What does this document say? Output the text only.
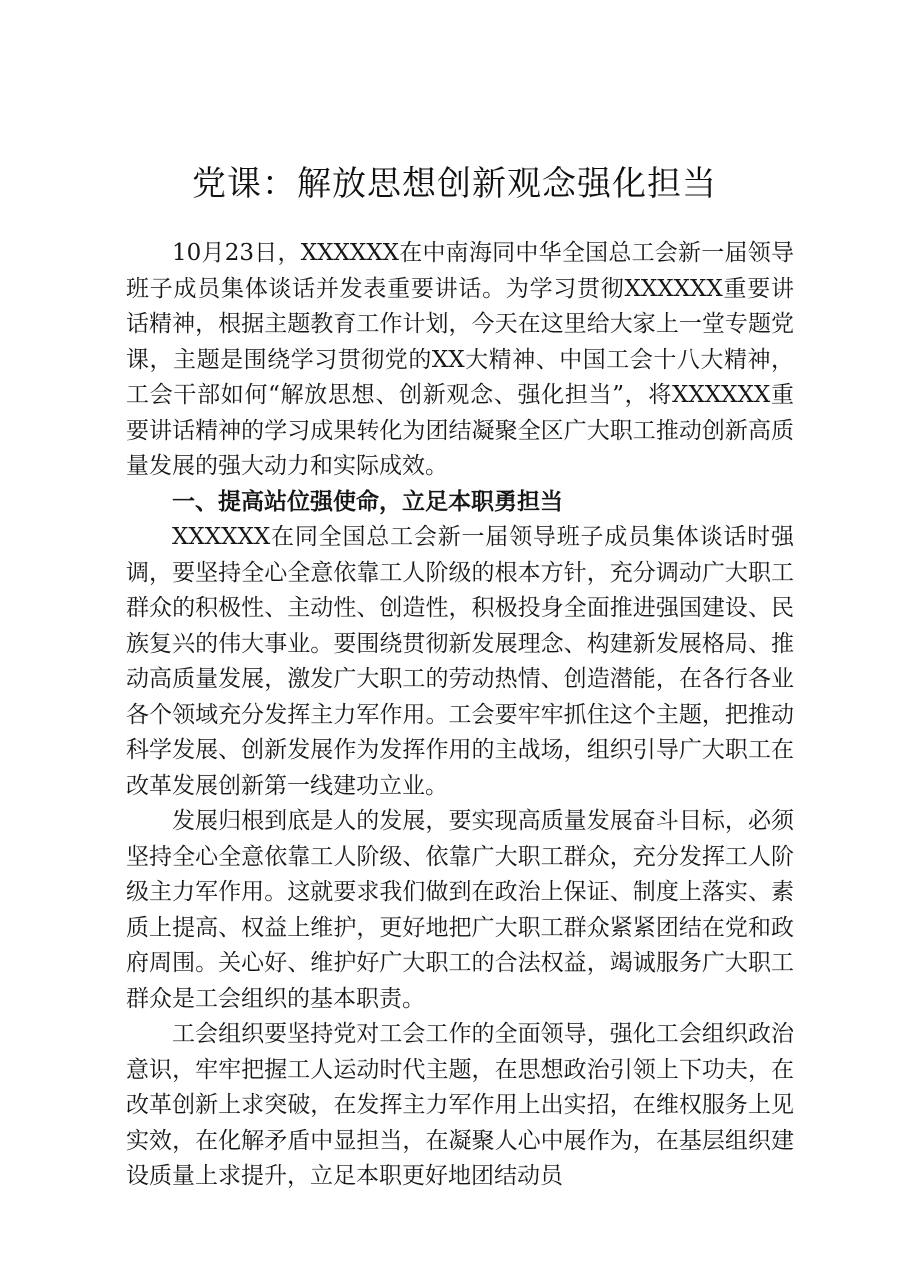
党课：解放思想创新观念强化担当

10月23日，XXXXXX在中南海同中华全国总工会新一届领导班子成员集体谈话并发表重要讲话。为学习贯彻XXXXXX重要讲话精神，根据主题教育工作计划，今天在这里给大家上一堂专题党课，主题是围绕学习贯彻党的XX大精神、中国工会十八大精神，工会干部如何“解放思想、创新观念、强化担当”，将XXXXXX重要讲话精神的学习成果转化为团结凝聚全区广大职工推动创新高质量发展的强大动力和实际成效。

一、提高站位强使命，立足本职勇担当

XXXXXX在同全国总工会新一届领导班子成员集体谈话时强调，要坚持全心全意依靠工人阶级的根本方针，充分调动广大职工群众的积极性、主动性、创造性，积极投身全面推进强国建设、民族复兴的伟大事业。要围绕贯彻新发展理念、构建新发展格局、推动高质量发展，激发广大职工的劳动热情、创造潜能，在各行各业各个领域充分发挥主力军作用。工会要牢牢抓住这个主题，把推动科学发展、创新发展作为发挥作用的主战场，组织引导广大职工在改革发展创新第一线建功立业。

发展归根到底是人的发展，要实现高质量发展奋斗目标，必须坚持全心全意依靠工人阶级、依靠广大职工群众，充分发挥工人阶级主力军作用。这就要求我们做到在政治上保证、制度上落实、素质上提高、权益上维护，更好地把广大职工群众紧紧团结在党和政府周围。关心好、维护好广大职工的合法权益，竭诚服务广大职工群众是工会组织的基本职责。

工会组织要坚持党对工会工作的全面领导，强化工会组织政治意识，牢牢把握工人运动时代主题，在思想政治引领上下功夫，在改革创新上求突破，在发挥主力军作用上出实招，在维权服务上见实效，在化解矛盾中显担当，在凝聚人心中展作为，在基层组织建设质量上求提升，立足本职更好地团结动员
